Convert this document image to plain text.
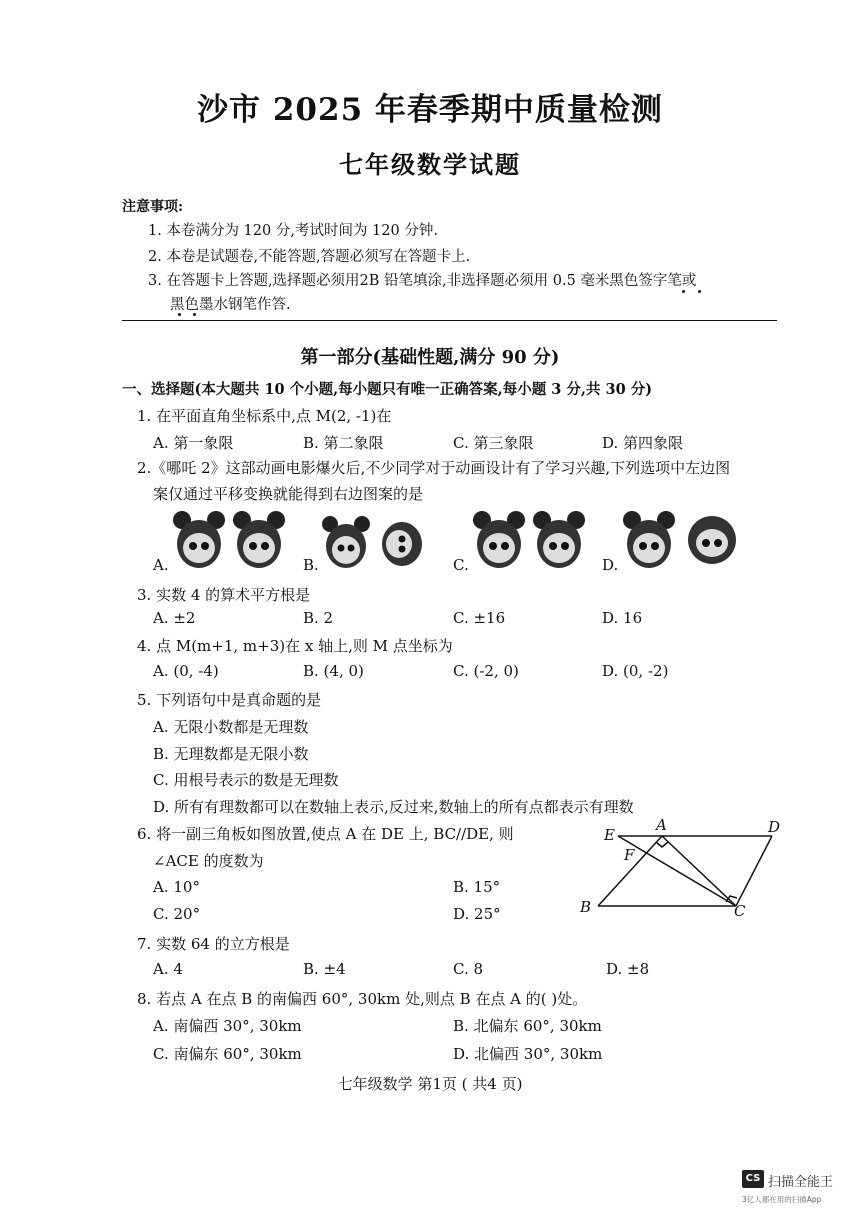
沙市 2025 年春季期中质量检测
七年级数学试题
注意事项:
1. 本卷满分为 120 分,考试时间为 120 分钟.
2. 本卷是试题卷,不能答题,答题必须写在答题卡上.
3. 在答题卡上答题,选择题必须用2B 铅笔填涂,非选择题必须用 0.5 毫米黑色签字笔或
黑色墨水钢笔作答.
第一部分(基础性题,满分 90 分)
一、选择题(本大题共 10 个小题,每小题只有唯一正确答案,每小题 3 分,共 30 分)
1. 在平面直角坐标系中,点 M(2, -1)在
A. 第一象限	B. 第二象限	C. 第三象限	D. 第四象限
2.《哪吒 2》这部动画电影爆火后,不少同学对于动画设计有了学习兴趣,下列选项中左边图
案仅通过平移变换就能得到右边图案的是
A.	B.	C.	D.
3. 实数 4 的算术平方根是
A. ±2	B. 2	C. ±16	D. 16
4. 点 M(m+1, m+3)在 x 轴上,则 M 点坐标为
A. (0, -4)	B. (4, 0)	C. (-2, 0)	D. (0, -2)
5. 下列语句中是真命题的是
A. 无限小数都是无理数
B. 无理数都是无限小数
C. 用根号表示的数是无理数
D. 所有有理数都可以在数轴上表示,反过来,数轴上的所有点都表示有理数
6. 将一副三角板如图放置,使点 A 在 DE 上, BC//DE, 则
∠ACE 的度数为
A. 10°	B. 15°
C. 20°	D. 25°
E
A	D
F
B	C
7. 实数 64 的立方根是
A. 4	B. ±4	C. 8	D. ±8
8. 若点 A 在点 B 的南偏西 60°, 30km 处,则点 B 在点 A 的( )处。
A. 南偏西 30°, 30km	B. 北偏东 60°, 30km
C. 南偏东 60°, 30km	D. 北偏西 30°, 30km
七年级数学 第1页 ( 共4 页)
CS 扫描全能王
3亿人都在用的扫描App
